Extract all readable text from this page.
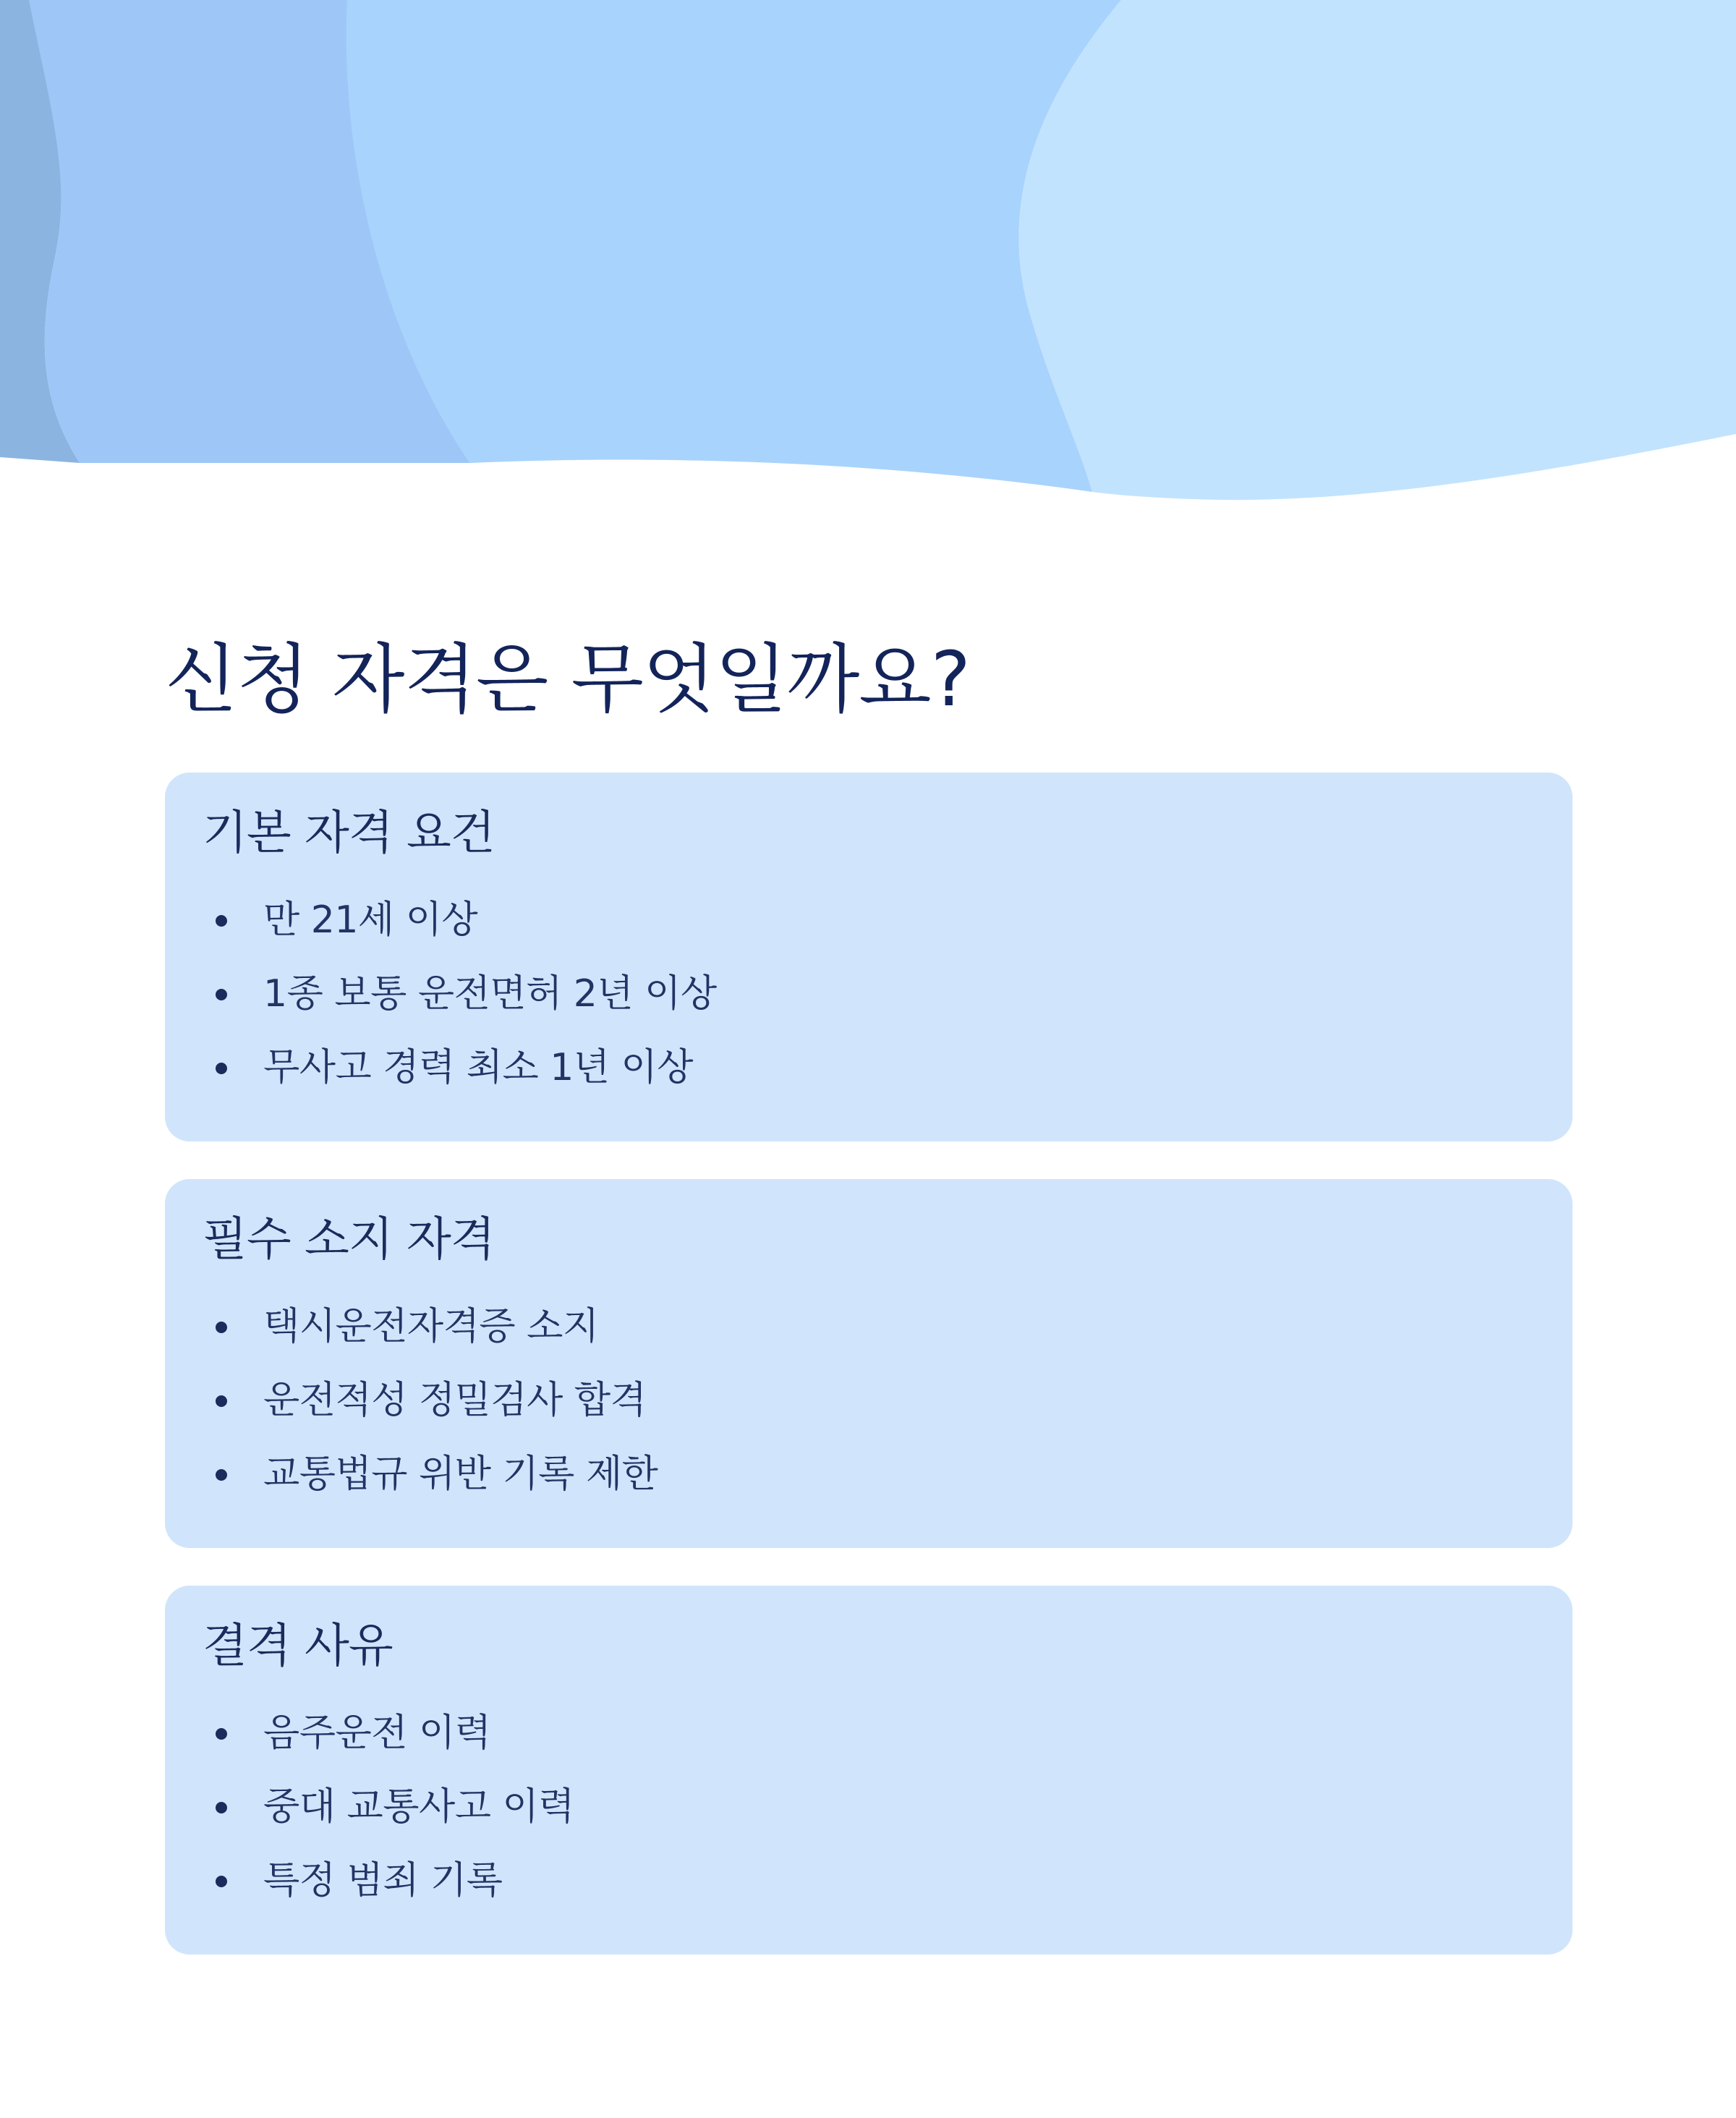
신청 자격은 무엇일까요?
기본 자격 요건
만 21세 이상
1종 보통 운전면허 2년 이상
무사고 경력 최소 1년 이상
필수 소지 자격
택시운전자격증 소지
운전적성 정밀검사 합격
교통법규 위반 기록 제한
결격 사유
음주운전 이력
중대 교통사고 이력
특정 범죄 기록
